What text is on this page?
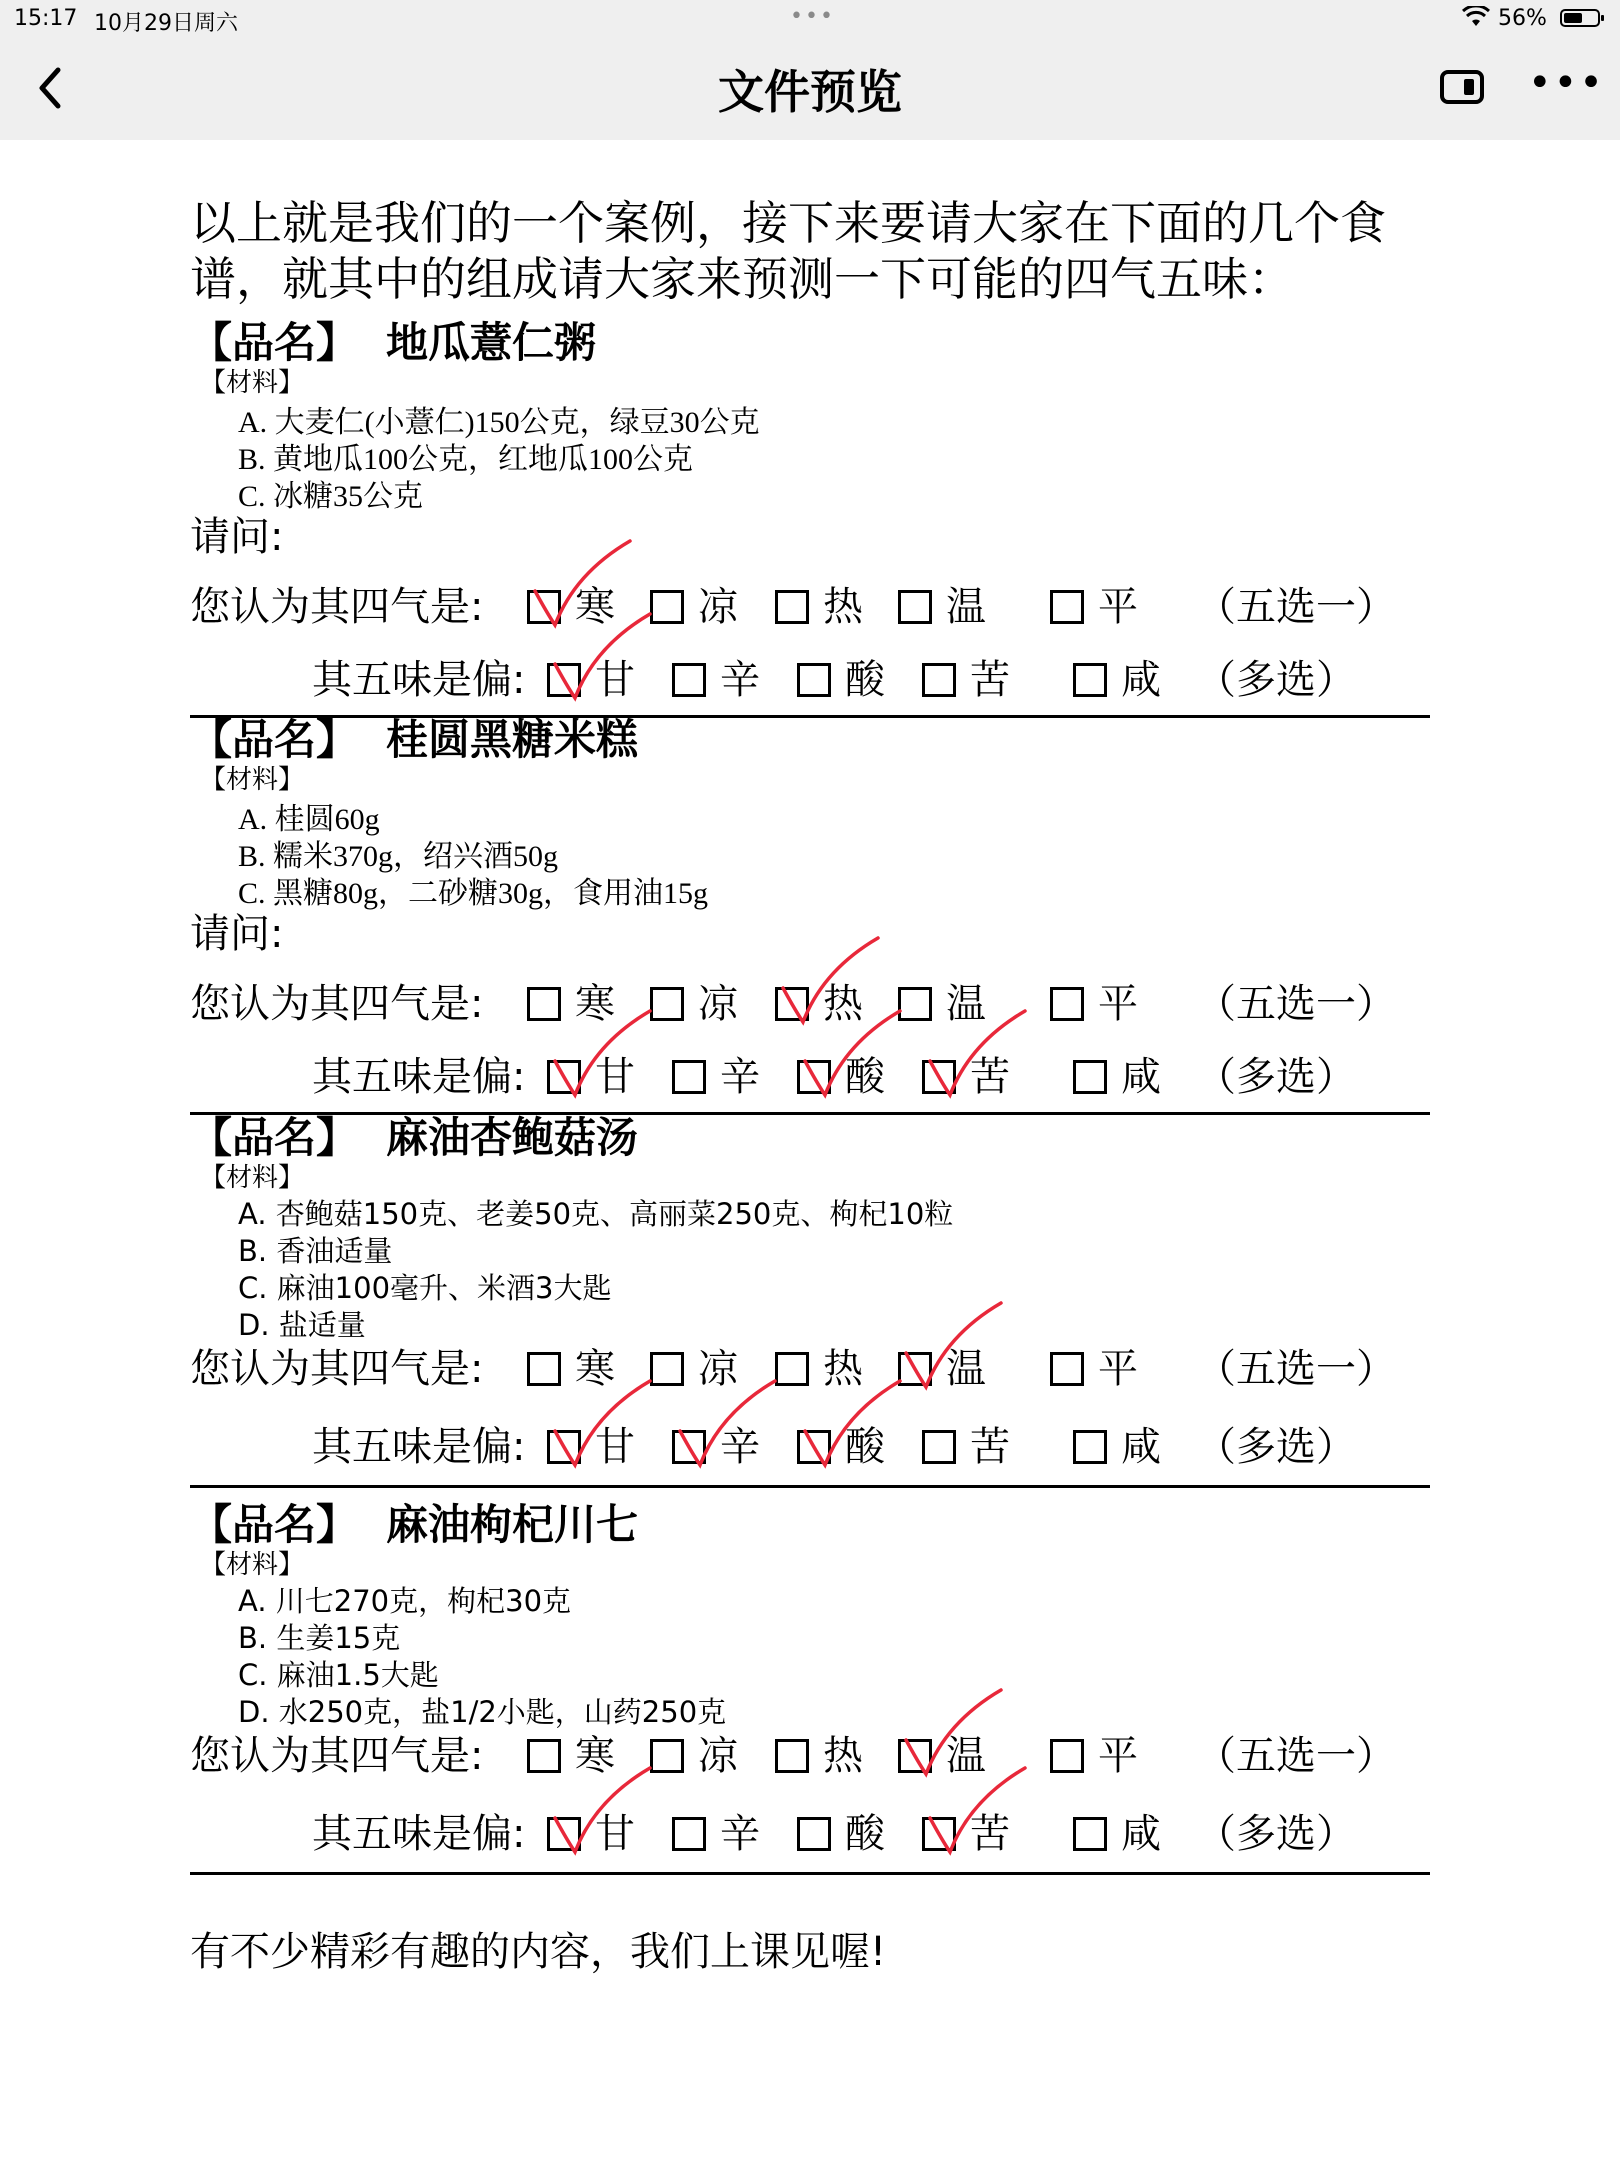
15:17 10月29日周六	•••	56%
文件预览	•••
以上就是我们的一个案例，接下来要请大家在下面的几个食谱，就其中的组成请大家来预测一下可能的四气五味：
【品名】 地瓜薏仁粥
【材料】
A. 大麦仁(小薏仁)150公克，绿豆30公克
B. 黄地瓜100公克，红地瓜100公克
C. 冰糖35公克
请问:
您认为其四气是:	寒	凉	热	温	平 （五选一）
其五味是偏:	甘	辛	酸	苦	咸 （多选）
【品名】 桂圆黑糖米糕
【材料】
A. 桂圆60g
B. 糯米370g，绍兴酒50g
C. 黑糖80g，二砂糖30g，食用油15g
请问:
您认为其四气是:	寒	凉	热	温	平 （五选一）
其五味是偏:	甘	辛	酸	苦	咸 （多选）
【品名】 麻油杏鲍菇汤
【材料】
A. 杏鲍菇150克、老姜50克、高丽菜250克、枸杞10粒
B. 香油适量
C. 麻油100毫升、米酒3大匙
D. 盐适量
您认为其四气是:	寒	凉	热	温	平 （五选一）
其五味是偏:	甘	辛	酸	苦	咸 （多选）
【品名】 麻油枸杞川七
【材料】
A. 川七270克，枸杞30克
B. 生姜15克
C. 麻油1.5大匙
D. 水250克，盐1/2小匙，山药250克
您认为其四气是:	寒	凉	热	温	平 （五选一）
其五味是偏:	甘	辛	酸	苦	咸 （多选）
有不少精彩有趣的内容，我们上课见喔!
